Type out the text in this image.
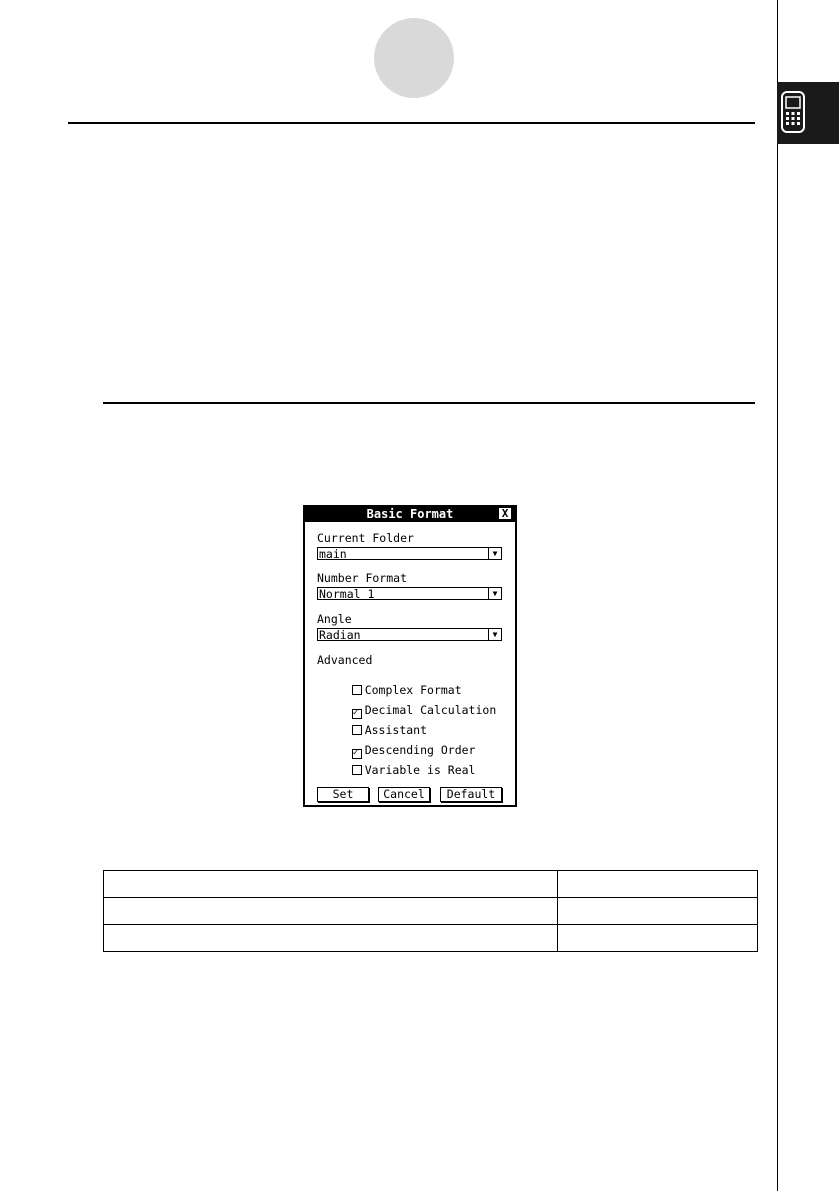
Basic Format	X
Current Folder
main	▼
Number Format
Normal 1	▼
Angle
Radian	▼
Advanced

Complex Format

✓ Decimal Calculation

Assistant

✓ Descending Order

Variable is Real

Set	Cancel	Default
